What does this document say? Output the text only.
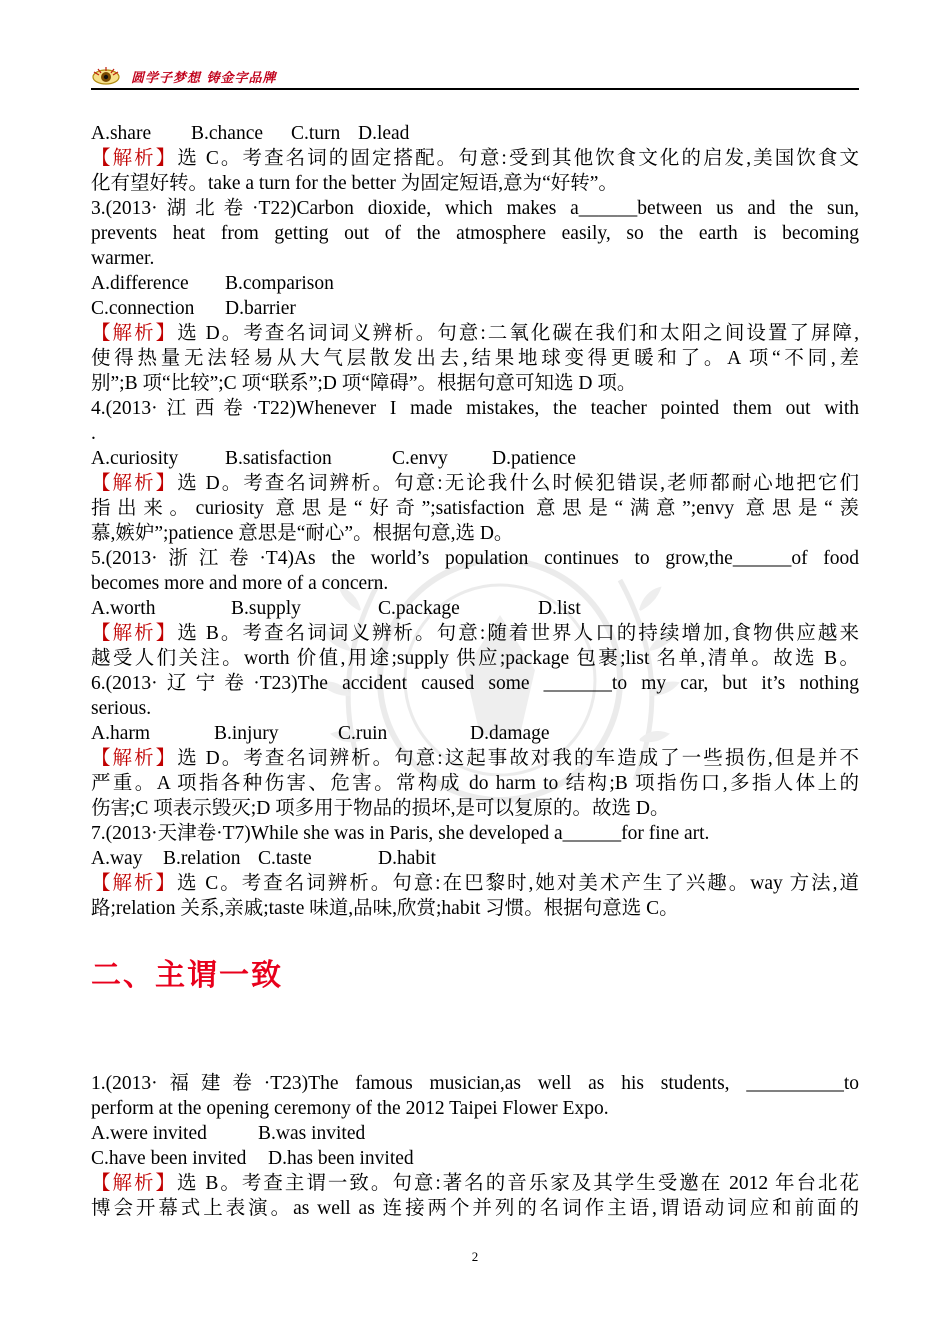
圆学子梦想 铸金字品牌
A.share B.chance C.turn D.lead
【解析】选 C。考查名词的固定搭配。句意:受到其他饮食文化的启发,美国饮食文
化有望好转。take a turn for the better 为固定短语,意为“好转”。
3.(2013·湖北卷·T22)Carbon dioxide, which makes a______between us and the sun,
prevents heat from getting out of the atmosphere easily, so the earth is becoming
warmer.
A.difference B.comparison
C.connection D.barrier
【解析】选 D。考查名词词义辨析。句意:二氧化碳在我们和太阳之间设置了屏障,
使得热量无法轻易从大气层散发出去,结果地球变得更暖和了。A 项“不同,差
别”;B 项“比较”;C 项“联系”;D 项“障碍”。根据句意可知选 D 项。
4.(2013·江西卷·T22)Whenever I made mistakes, the teacher pointed them out with
.
A.curiosity B.satisfaction	C.envy D.patience
【解析】选 D。考查名词辨析。句意:无论我什么时候犯错误,老师都耐心地把它们
指出来。curiosity 意思是“好奇”;satisfaction 意思是“满意”;envy 意思是“羡
慕,嫉妒”;patience 意思是“耐心”。根据句意,选 D。
5.(2013·浙江卷·T4)As the world’s population continues to grow,the______of food
becomes more and more of a concern.
A.worth	B.supply	C.package	D.list
【解析】选 B。考查名词词义辨析。句意:随着世界人口的持续增加,食物供应越来
越受人们关注。worth 价值,用途;supply 供应;package 包裹;list 名单,清单。故选 B。
6.(2013·辽宁卷·T23)The accident caused some _______to my car, but it’s nothing
serious.
A.harm	B.injury	C.ruin	D.damage
【解析】选 D。考查名词辨析。句意:这起事故对我的车造成了一些损伤,但是并不
严重。A 项指各种伤害、危害。常构成 do harm to 结构;B 项指伤口,多指人体上的
伤害;C 项表示毁灭;D 项多用于物品的损坏,是可以复原的。故选 D。
7.(2013·天津卷·T7)While she was in Paris, she developed a______for fine art.
A.way B.relation C.taste	D.habit
【解析】选 C。考查名词辨析。句意:在巴黎时,她对美术产生了兴趣。way 方法,道
路;relation 关系,亲戚;taste 味道,品味,欣赏;habit 习惯。根据句意选 C。
二、主谓一致
1.(2013·福建卷·T23)The famous musician,as well as his students, __________to
perform at the opening ceremony of the 2012 Taipei Flower Expo.
A.were invited	B.was invited
C.have been invited D.has been invited
【解析】选 B。考查主谓一致。句意:著名的音乐家及其学生受邀在 2012 年台北花
博会开幕式上表演。as well as 连接两个并列的名词作主语,谓语动词应和前面的
2
